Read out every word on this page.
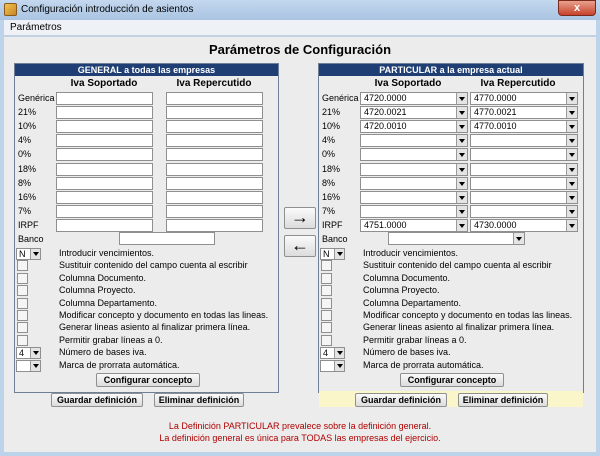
Configuración introducción de asientos	x
Parámetros
Parámetros de Configuración
GENERAL a todas las empresas
Iva Soportado	Iva Repercutido
Genérica
21%
10%
4%
0%
18%
8%
16%
7%
IRPF
Banco
N	Introducir vencimientos.
Sustituir contenido del campo cuenta al escribir
Columna Documento.
Columna Proyecto.
Columna Departamento.
Modificar concepto y documento en todas las lineas.
Generar lineas asiento al finalizar primera línea.
Permitir grabar líneas a 0.
4	Número de bases iva.
Marca de prorrata automática.
Configurar concepto
Guardar definición	Eliminar definición
PARTICULAR a la empresa actual
Iva Soportado	Iva Repercutido
Genérica 4720.0000	4770.0000
21%	4720.0021	4770.0021
10%	4720.0010	4770.0010
4%
0%
18%
8%
16%
7%
IRPF	4751.0000	4730.0000
Banco
N	Introducir vencimientos.
Sustituir contenido del campo cuenta al escribir
Columna Documento.
Columna Proyecto.
Columna Departamento.
Modificar concepto y documento en todas las lineas.
Generar lineas asiento al finalizar primera línea.
Permitir grabar líneas a 0.
4	Número de bases iva.
Marca de prorrata automática.
Configurar concepto
Guardar definición	Eliminar definición
→
←
La Definición PARTICULAR prevalece sobre la definición general.
La definición general es única para TODAS las empresas del ejercicio.
